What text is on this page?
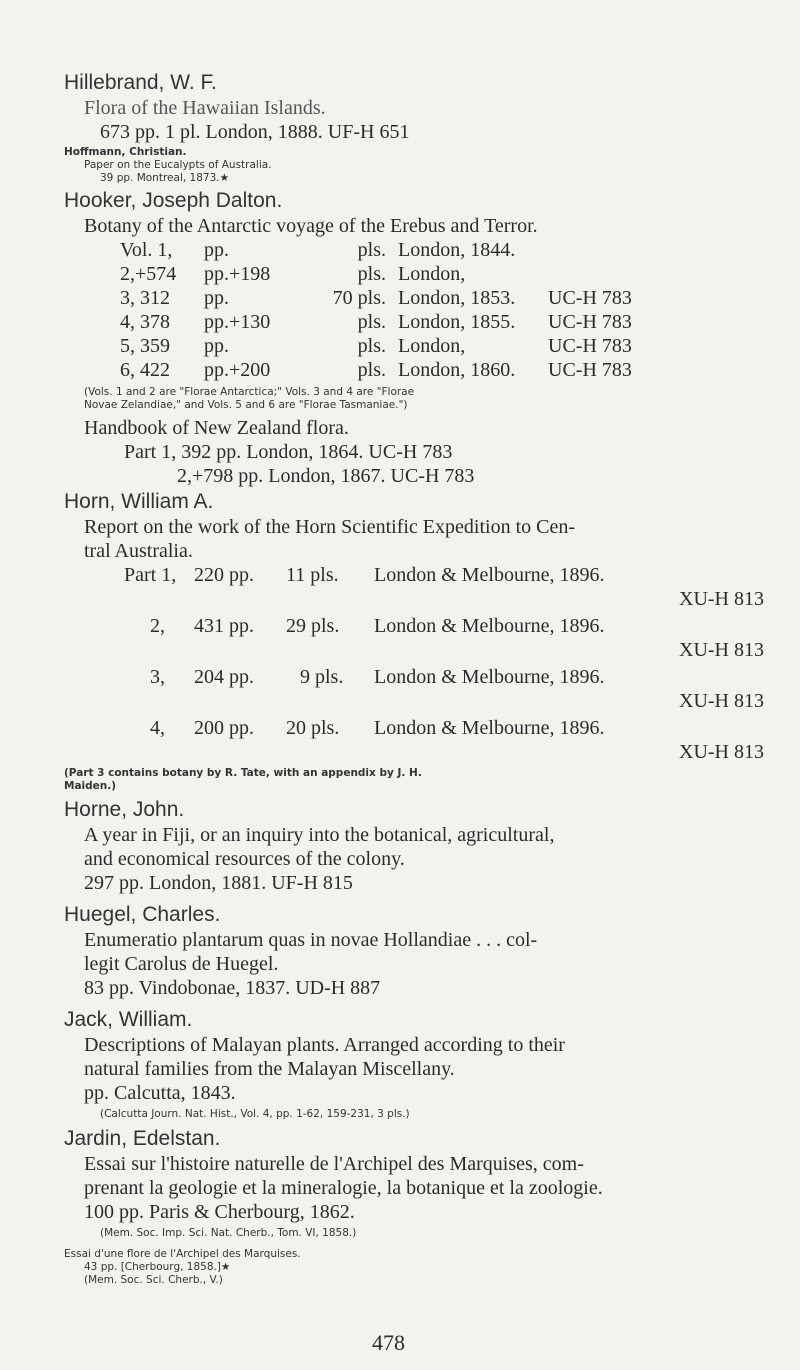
Hillebrand, W. F.
Flora of the Hawaiian Islands.
673 pp. 1 pl. London, 1888. UF-H 651
Hoffmann, Christian.
Paper on the Eucalypts of Australia.
39 pp. Montreal, 1873.★
Hooker, Joseph Dalton.
Botany of the Antarctic voyage of the Erebus and Terror.
Vol. 1,	pp.	pls.	London, 1844.	
2,+574	pp.+198	pls.	London,	
3, 312	pp.	70 pls.	London, 1853.	UC-H 783
4, 378	pp.+130	pls.	London, 1855.	UC-H 783
5, 359	pp.	pls.	London,	UC-H 783
6, 422	pp.+200	pls.	London, 1860.	UC-H 783
(Vols. 1 and 2 are "Florae Antarctica;" Vols. 3 and 4 are "Florae
Novae Zelandiae," and Vols. 5 and 6 are "Florae Tasmaniae.")
Handbook of New Zealand flora.
Part 1, 392 pp. London, 1864. UC-H 783
2,+798 pp. London, 1867. UC-H 783
Horn, William A.
Report on the work of the Horn Scientific Expedition to Cen-
tral Australia.
Part 1, 220 pp. 11 pls. London & Melbourne, 1896.
XU-H 813
2, 431 pp. 29 pls. London & Melbourne, 1896.
XU-H 813
3, 204 pp. 9 pls. London & Melbourne, 1896.
XU-H 813
4, 200 pp. 20 pls. London & Melbourne, 1896.
XU-H 813
(Part 3 contains botany by R. Tate, with an appendix by J. H.
Maiden.)
Horne, John.
A year in Fiji, or an inquiry into the botanical, agricultural,
and economical resources of the colony.
297 pp. London, 1881. UF-H 815
Huegel, Charles.
Enumeratio plantarum quas in novae Hollandiae . . . col-
legit Carolus de Huegel.
83 pp. Vindobonae, 1837. UD-H 887
Jack, William.
Descriptions of Malayan plants. Arranged according to their
natural families from the Malayan Miscellany.
pp. Calcutta, 1843.
(Calcutta Journ. Nat. Hist., Vol. 4, pp. 1-62, 159-231, 3 pls.)
Jardin, Edelstan.
Essai sur l'histoire naturelle de l'Archipel des Marquises, com-
prenant la geologie et la mineralogie, la botanique et la zoologie.
100 pp. Paris & Cherbourg, 1862.
(Mem. Soc. Imp. Sci. Nat. Cherb., Tom. VI, 1858.)
Essai d'une flore de l'Archipel des Marquises.
43 pp. [Cherbourg, 1858.]★
(Mem. Soc. Sci. Cherb., V.)
478
